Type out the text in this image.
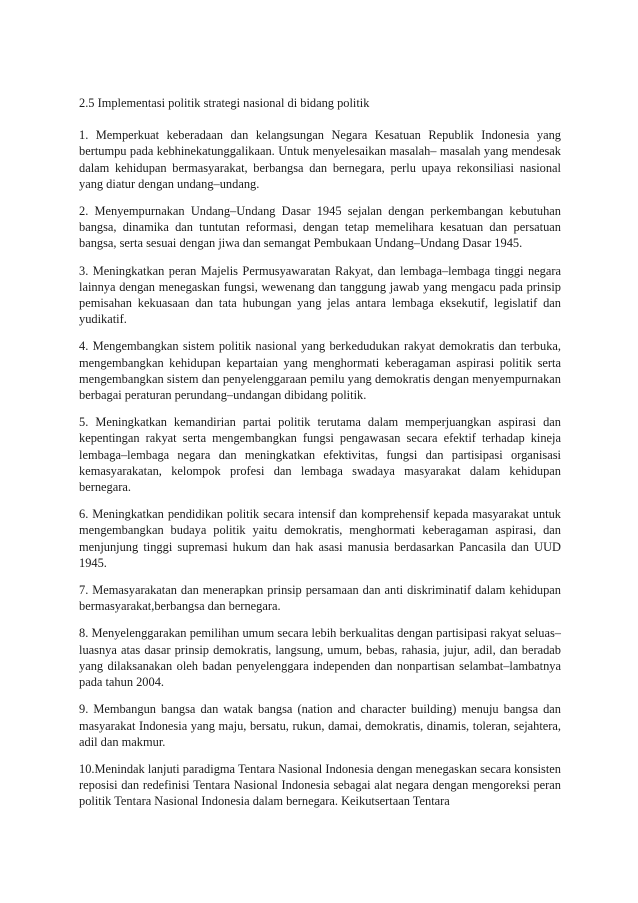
2.5 Implementasi politik strategi nasional di bidang politik

1. Memperkuat keberadaan dan kelangsungan Negara Kesatuan Republik Indonesia yang bertumpu pada kebhinekatunggalikaan. Untuk menyelesaikan masalah– masalah yang mendesak dalam kehidupan bermasyarakat, berbangsa dan bernegara, perlu upaya rekonsiliasi nasional yang diatur dengan undang–undang.

2. Menyempurnakan Undang–Undang Dasar 1945 sejalan dengan perkembangan kebutuhan bangsa, dinamika dan tuntutan reformasi, dengan tetap memelihara kesatuan dan persatuan bangsa, serta sesuai dengan jiwa dan semangat Pembukaan Undang–Undang Dasar 1945.

3. Meningkatkan peran Majelis Permusyawaratan Rakyat, dan lembaga–lembaga tinggi negara lainnya dengan menegaskan fungsi, wewenang dan tanggung jawab yang mengacu pada prinsip pemisahan kekuasaan dan tata hubungan yang jelas antara lembaga eksekutif, legislatif dan yudikatif.

4. Mengembangkan sistem politik nasional yang berkedudukan rakyat demokratis dan terbuka, mengembangkan kehidupan kepartaian yang menghormati keberagaman aspirasi politik serta mengembangkan sistem dan penyelenggaraan pemilu yang demokratis dengan menyempurnakan berbagai peraturan perundang–undangan dibidang politik.

5. Meningkatkan kemandirian partai politik terutama dalam memperjuangkan aspirasi dan kepentingan rakyat serta mengembangkan fungsi pengawasan secara efektif terhadap kineja lembaga–lembaga negara dan meningkatkan efektivitas, fungsi dan partisipasi organisasi kemasyarakatan, kelompok profesi dan lembaga swadaya masyarakat dalam kehidupan bernegara.

6. Meningkatkan pendidikan politik secara intensif dan komprehensif kepada masyarakat untuk mengembangkan budaya politik yaitu demokratis, menghormati keberagaman aspirasi, dan menjunjung tinggi supremasi hukum dan hak asasi manusia berdasarkan Pancasila dan UUD 1945.

7. Memasyarakatan dan menerapkan prinsip persamaan dan anti diskriminatif dalam kehidupan bermasyarakat,berbangsa dan bernegara.

8. Menyelenggarakan pemilihan umum secara lebih berkualitas dengan partisipasi rakyat seluas–luasnya atas dasar prinsip demokratis, langsung, umum, bebas, rahasia, jujur, adil, dan beradab yang dilaksanakan oleh badan penyelenggara independen dan nonpartisan selambat–lambatnya pada tahun 2004.

9. Membangun bangsa dan watak bangsa (nation and character building) menuju bangsa dan masyarakat Indonesia yang maju, bersatu, rukun, damai, demokratis, dinamis, toleran, sejahtera, adil dan makmur.

10.Menindak lanjuti paradigma Tentara Nasional Indonesia dengan menegaskan secara konsisten reposisi dan redefinisi Tentara Nasional Indonesia sebagai alat negara dengan mengoreksi peran politik Tentara Nasional Indonesia dalam bernegara. Keikutsertaan Tentara
